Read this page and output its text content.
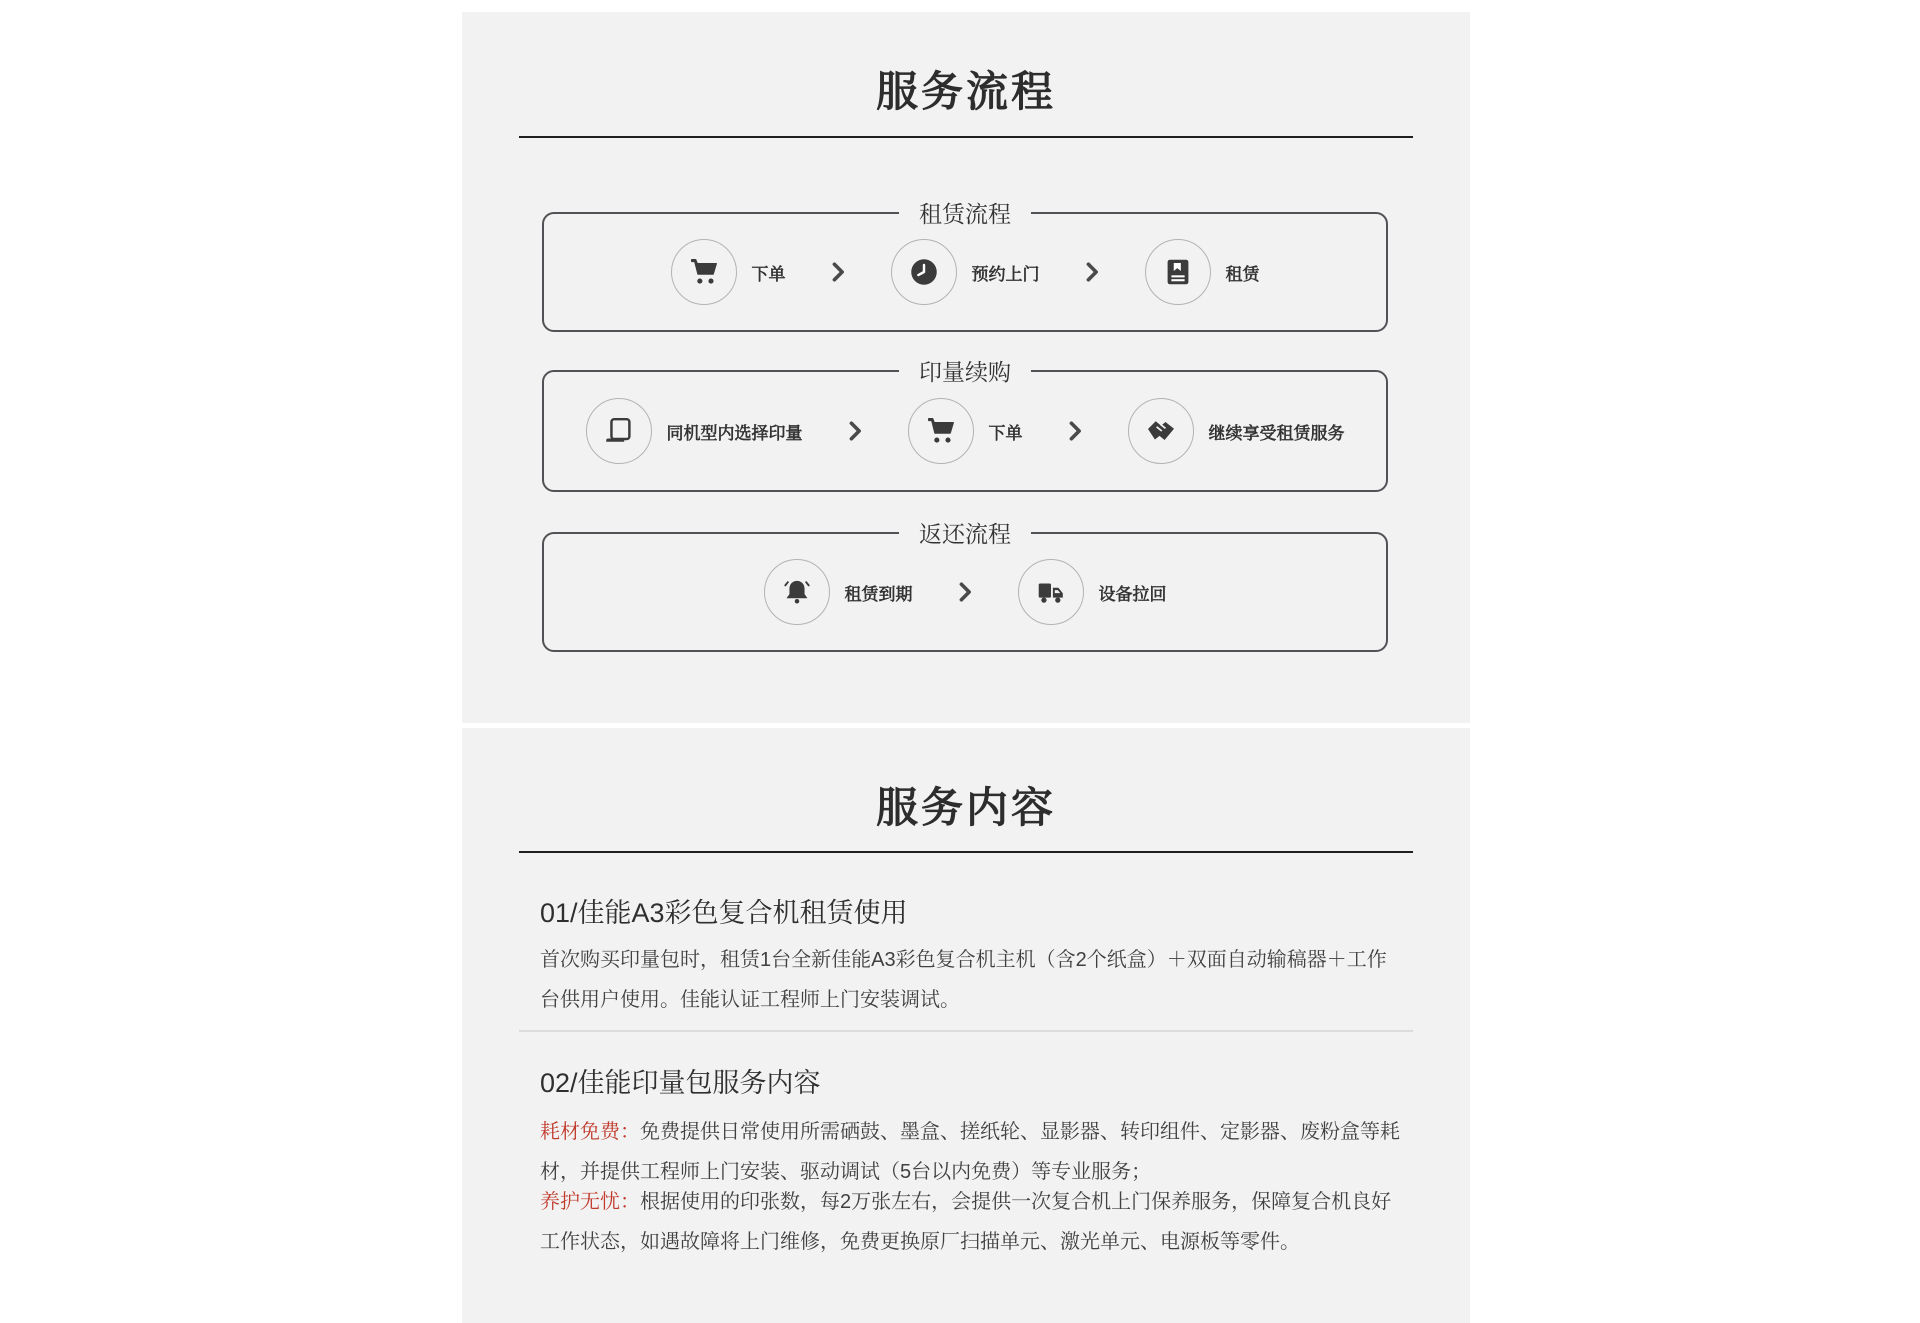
服务流程
租赁流程
下单	预约上门	租赁
印量续购
同机型内选择印量	下单	继续享受租赁服务
返还流程
租赁到期	设备拉回
服务内容
01/佳能A3彩色复合机租赁使用

首次购买印量包时，租赁1台全新佳能A3彩色复合机主机（含2个纸盒）＋双面自动输稿器＋工作台供用户使用。佳能认证工程师上门安装调试。

02/佳能印量包服务内容

耗材免费：免费提供日常使用所需硒鼓、墨盒、搓纸轮、显影器、转印组件、定影器、废粉盒等耗材，并提供工程师上门安装、驱动调试（5台以内免费）等专业服务；

养护无忧：根据使用的印张数，每2万张左右，会提供一次复合机上门保养服务，保障复合机良好工作状态，如遇故障将上门维修，免费更换原厂扫描单元、激光单元、电源板等零件。
